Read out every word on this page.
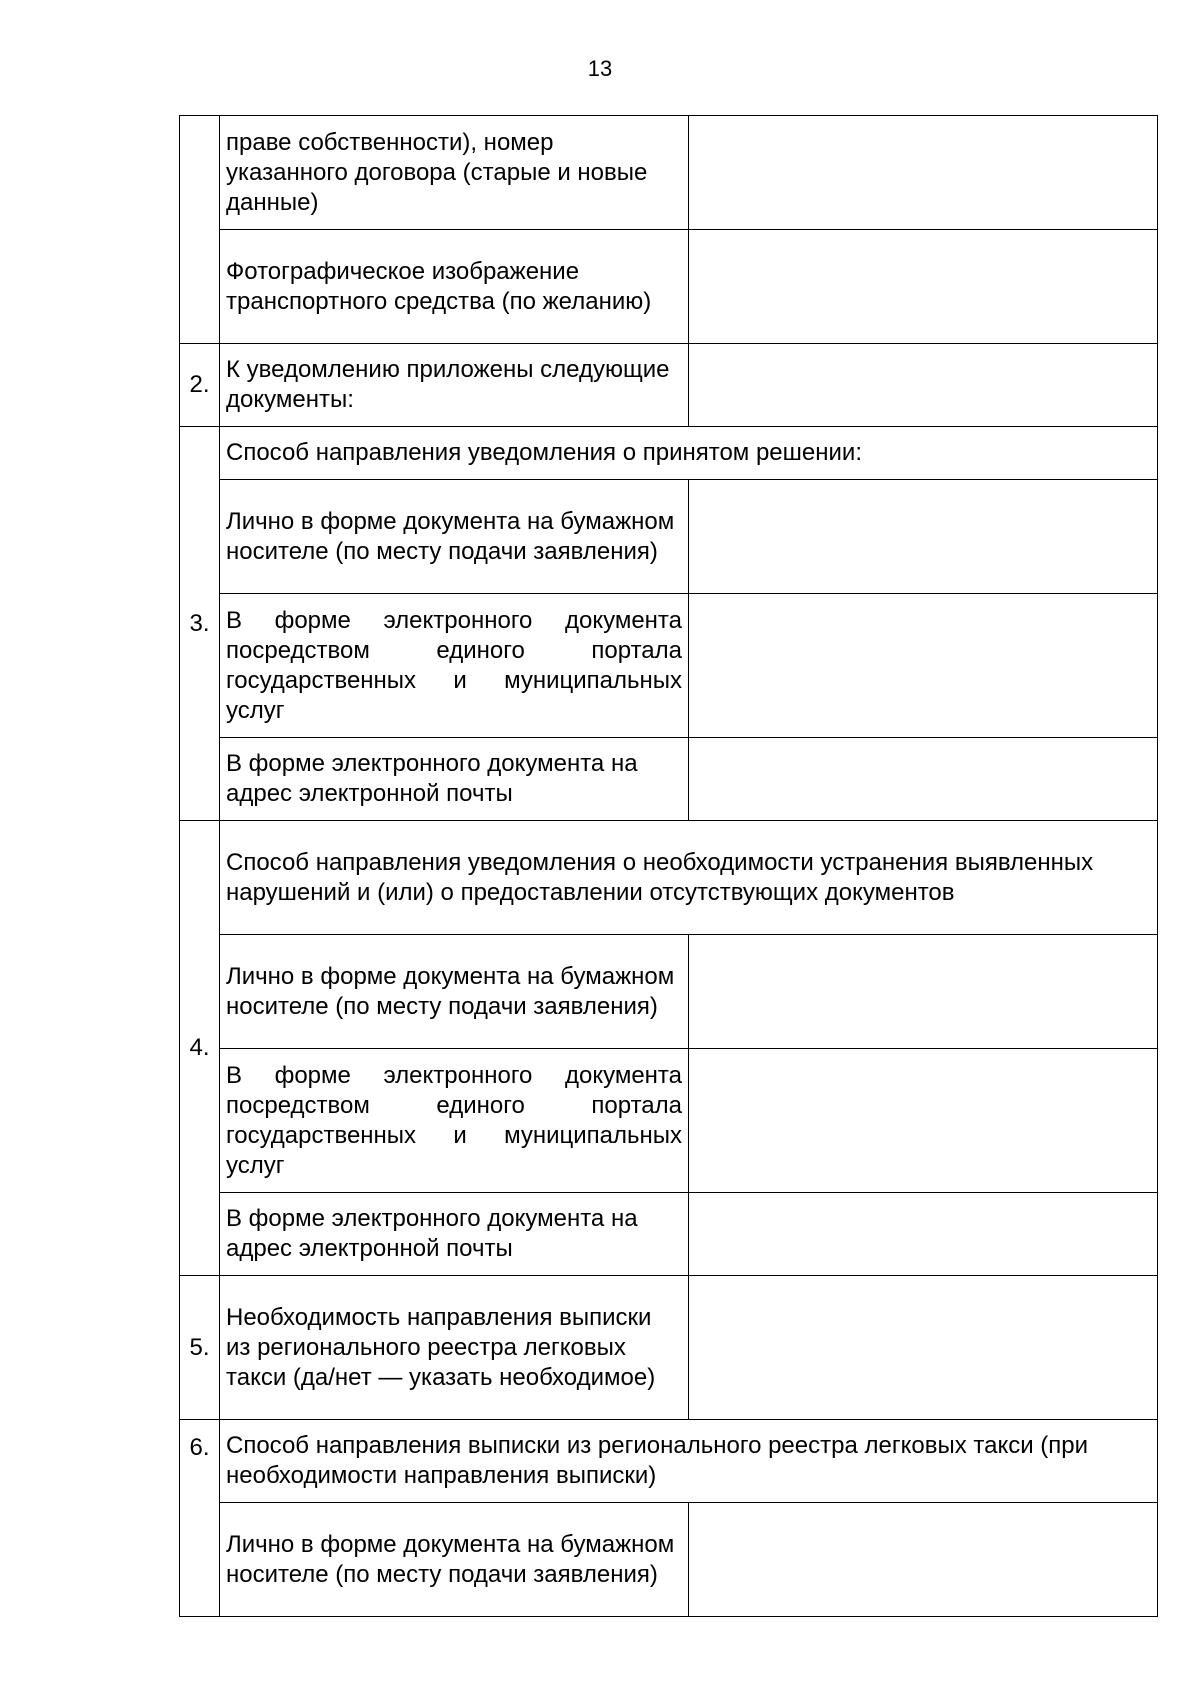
13
	праве собственности), номер указанного договора (старые и новые данные)	
	Фотографическое изображение транспортного средства (по желанию)	
2.	К уведомлению приложены следующие документы:	
3.	Способ направления уведомления о принятом решении:	
	Лично в форме документа на бумажном носителе (по месту подачи заявления)	
	В форме электронного документа посредством единого портала государственных и муниципальных услуг	
	В форме электронного документа на адрес электронной почты	
4.	Способ направления уведомления о необходимости устранения выявленных нарушений и (или) о предоставлении отсутствующих документов	
	Лично в форме документа на бумажном носителе (по месту подачи заявления)	
	В форме электронного документа посредством единого портала государственных и муниципальных услуг	
	В форме электронного документа на адрес электронной почты	
5.	Необходимость направления выписки из регионального реестра легковых такси (да/нет — указать необходимое)	
6.	Способ направления выписки из регионального реестра легковых такси (при необходимости направления выписки)	
	Лично в форме документа на бумажном носителе (по месту подачи заявления)	
